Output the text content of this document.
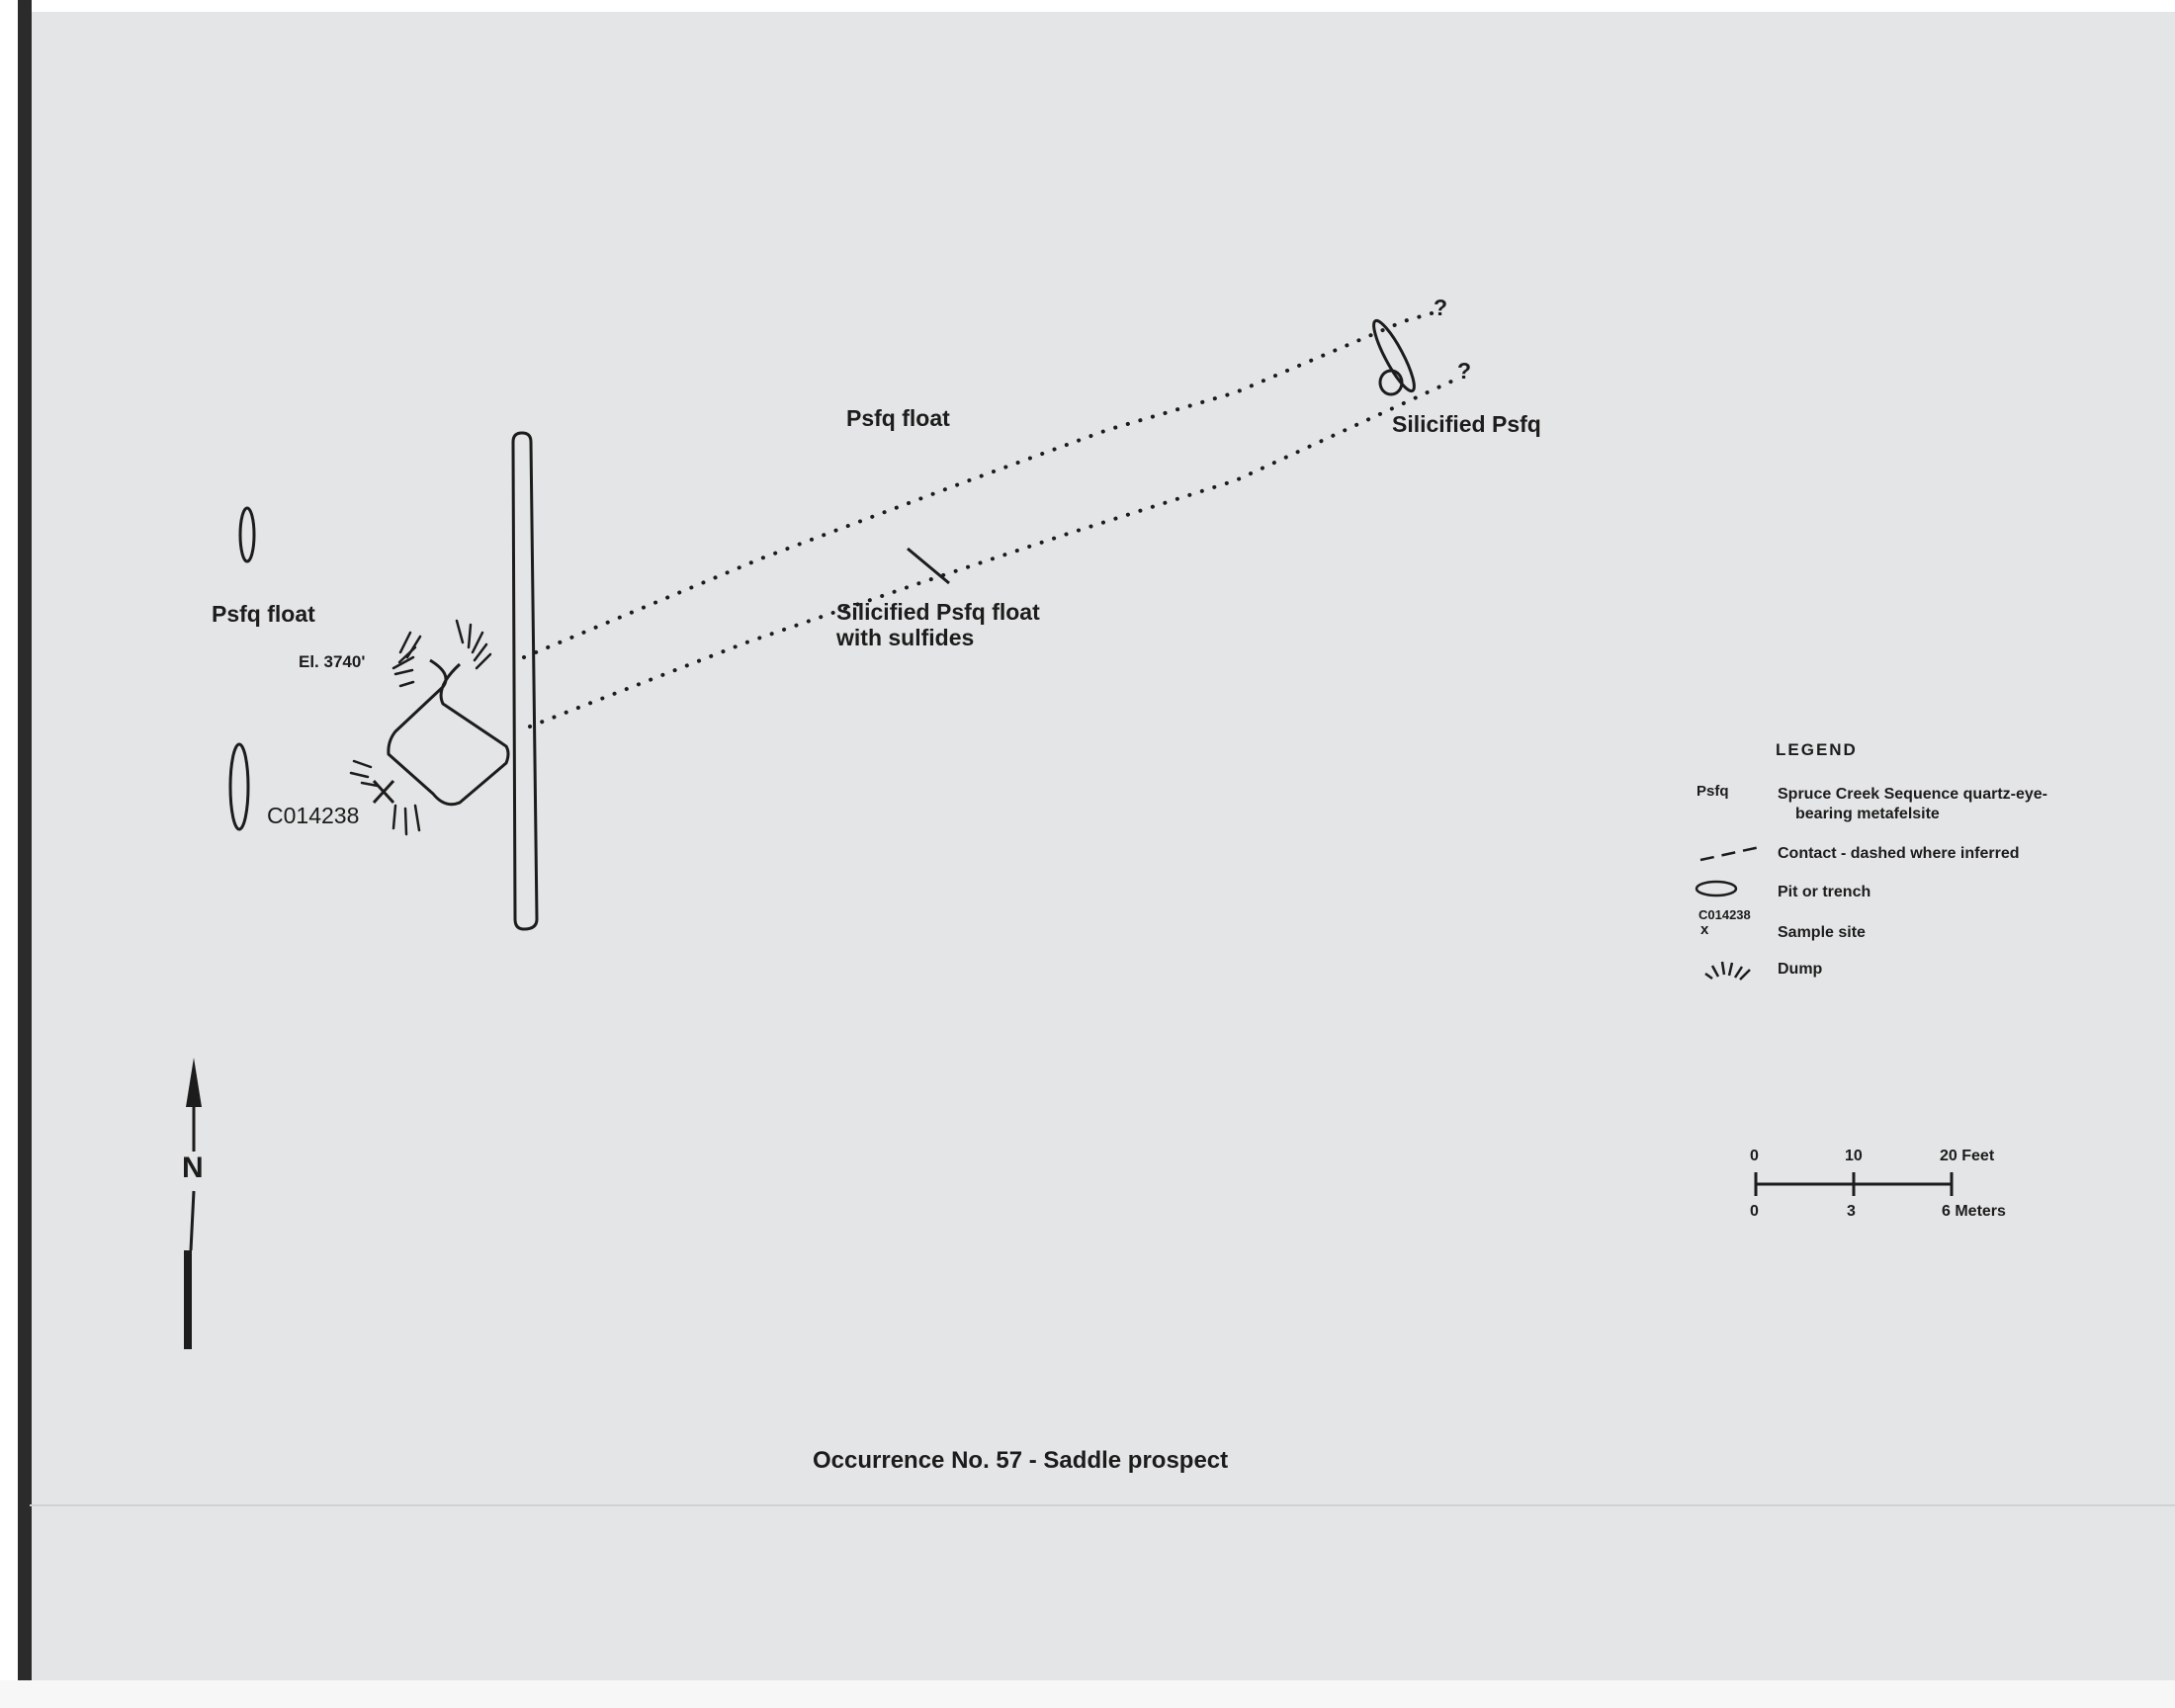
Psfq float
Psfq float
Silicified Psfq
Silicified Psfq float
with sulfides
El. 3740'
C014238
?
?
N
LEGEND
Psfq	Spruce Creek Sequence quartz-eye-
bearing metafelsite
Contact - dashed where inferred
Pit or trench
C014238
x	Sample site
Dump
0	10	20 Feet
0	3	6 Meters
Occurrence No. 57 - Saddle prospect
